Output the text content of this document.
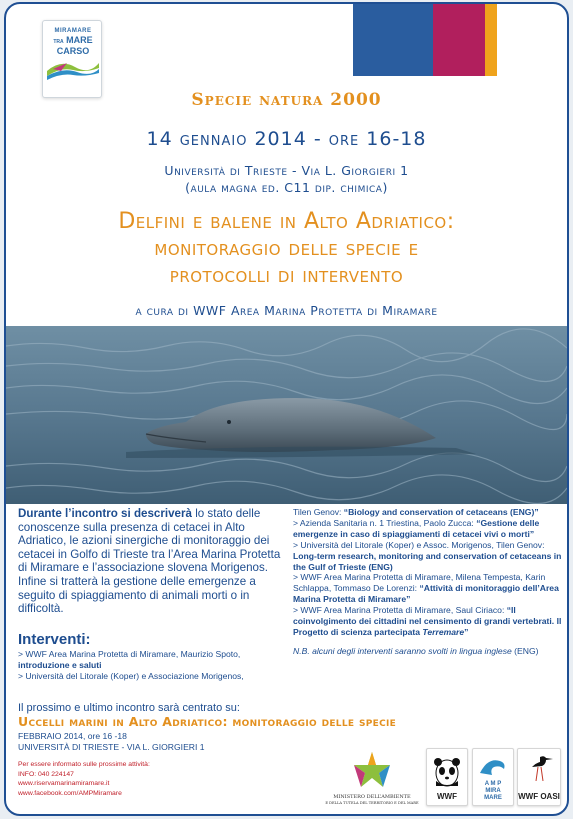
MIRAMARE
TRA MARE
CARSO
Specie natura 2000
14 gennaio 2014 - ore 16-18
Università di Trieste - Via L. Giorgieri 1
(aula magna ed. C11 dip. chimica)
Delfini e balene in Alto Adriatico:
monitoraggio delle specie e
protocolli di intervento
a cura di WWF Area Marina Protetta di Miramare
Durante l’incontro si descriverà lo stato delle conoscenze sulla presenza di cetacei in Alto Adriatico, le azioni sinergiche di monitoraggio dei cetacei in Golfo di Trieste tra l’Area Marina Protetta di Miramare e l’associazione slovena Morigenos. Infine si tratterà la gestione delle emergenze a seguito di spiaggiamento di animali morti o in difficoltà.
Interventi:
> WWF Area Marina Protetta di Miramare, Maurizio Spoto, introduzione e saluti
> Università del Litorale (Koper) e Associazione Morigenos,

Tilen Genov: “Biology and conservation of cetaceans (ENG)”

> Azienda Sanitaria n. 1 Triestina, Paolo Zucca: “Gestione delle emergenze in caso di spiaggiamenti di cetacei vivi o morti”

> Università del Litorale (Koper) e Assoc. Morigenos, Tilen Genov: Long-term research, monitoring and conservation of cetaceans in the Gulf of Trieste (ENG)

> WWF Area Marina Protetta di Miramare, Milena Tempesta, Karin Schlappa, Tommaso De Lorenzi: “Attività di monitoraggio dell’Area Marina Protetta di Miramare”

> WWF Area Marina Protetta di Miramare, Saul Ciriaco: “Il coinvolgimento dei cittadini nel censimento di grandi vertebrati. Il Progetto di scienza partecipata Terremare”

N.B. alcuni degli interventi saranno svolti in lingua inglese (ENG)

Il prossimo e ultimo incontro sarà centrato su:
Uccelli marini in Alto Adriatico: monitoraggio delle specie
FEBBRAIO 2014, ore 16 -18
UNIVERSITÀ DI TRIESTE - VIA L. GIORGIERI 1
Per essere informato sulle prossime attività:
INFO: 040 224147
www.riservamarinamiramare.it
www.facebook.com/AMPMiramare
MINISTERO DELL’AMBIENTE
E DELLA TUTELA DEL TERRITORIO E DEL MARE
WWF
A M P
MIRA
MARE	WWF OASI
